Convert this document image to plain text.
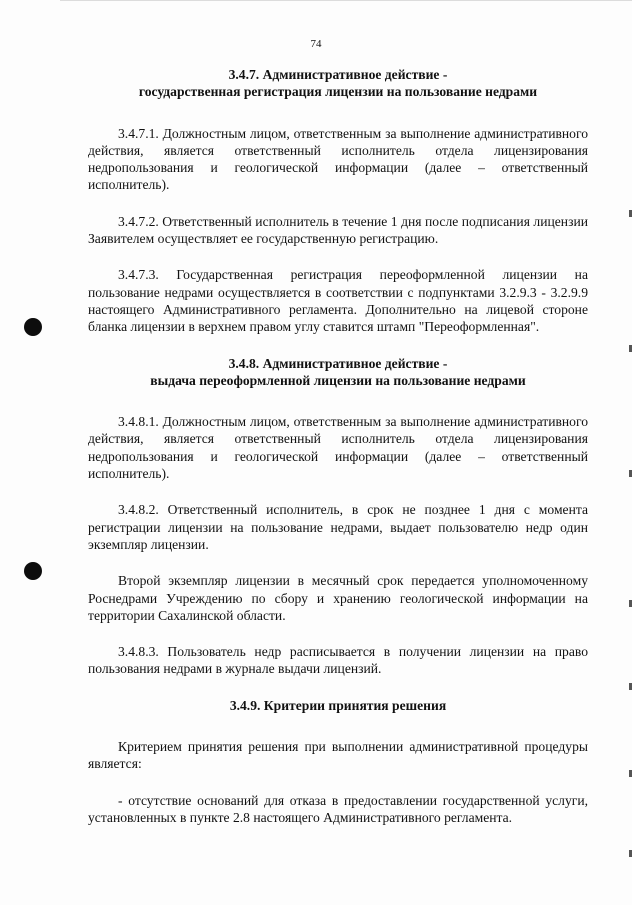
74
3.4.7. Административное действие -
государственная регистрация лицензии на пользование недрами

3.4.7.1. Должностным лицом, ответственным за выполнение административного действия, является ответственный исполнитель отдела лицензирования недропользования и геологической информации (далее – ответственный исполнитель).

3.4.7.2. Ответственный исполнитель в течение 1 дня после подписания лицензии Заявителем осуществляет ее государственную регистрацию.

3.4.7.3. Государственная регистрация переоформленной лицензии на пользование недрами осуществляется в соответствии с подпунктами 3.2.9.3 - 3.2.9.9 настоящего Административного регламента. Дополнительно на лицевой стороне бланка лицензии в верхнем правом углу ставится штамп "Переоформленная".

3.4.8. Административное действие -
выдача переоформленной лицензии на пользование недрами

3.4.8.1. Должностным лицом, ответственным за выполнение административного действия, является ответственный исполнитель отдела лицензирования недропользования и геологической информации (далее – ответственный исполнитель).

3.4.8.2. Ответственный исполнитель, в срок не позднее 1 дня с момента регистрации лицензии на пользование недрами, выдает пользователю недр один экземпляр лицензии.

Второй экземпляр лицензии в месячный срок передается уполномоченному Роснедрами Учреждению по сбору и хранению геологической информации на территории Сахалинской области.

3.4.8.3. Пользователь недр расписывается в получении лицензии на право пользования недрами в журнале выдачи лицензий.

3.4.9. Критерии принятия решения

Критерием принятия решения при выполнении административной процедуры является:

- отсутствие оснований для отказа в предоставлении государственной услуги, установленных в пункте 2.8 настоящего Административного регламента.
